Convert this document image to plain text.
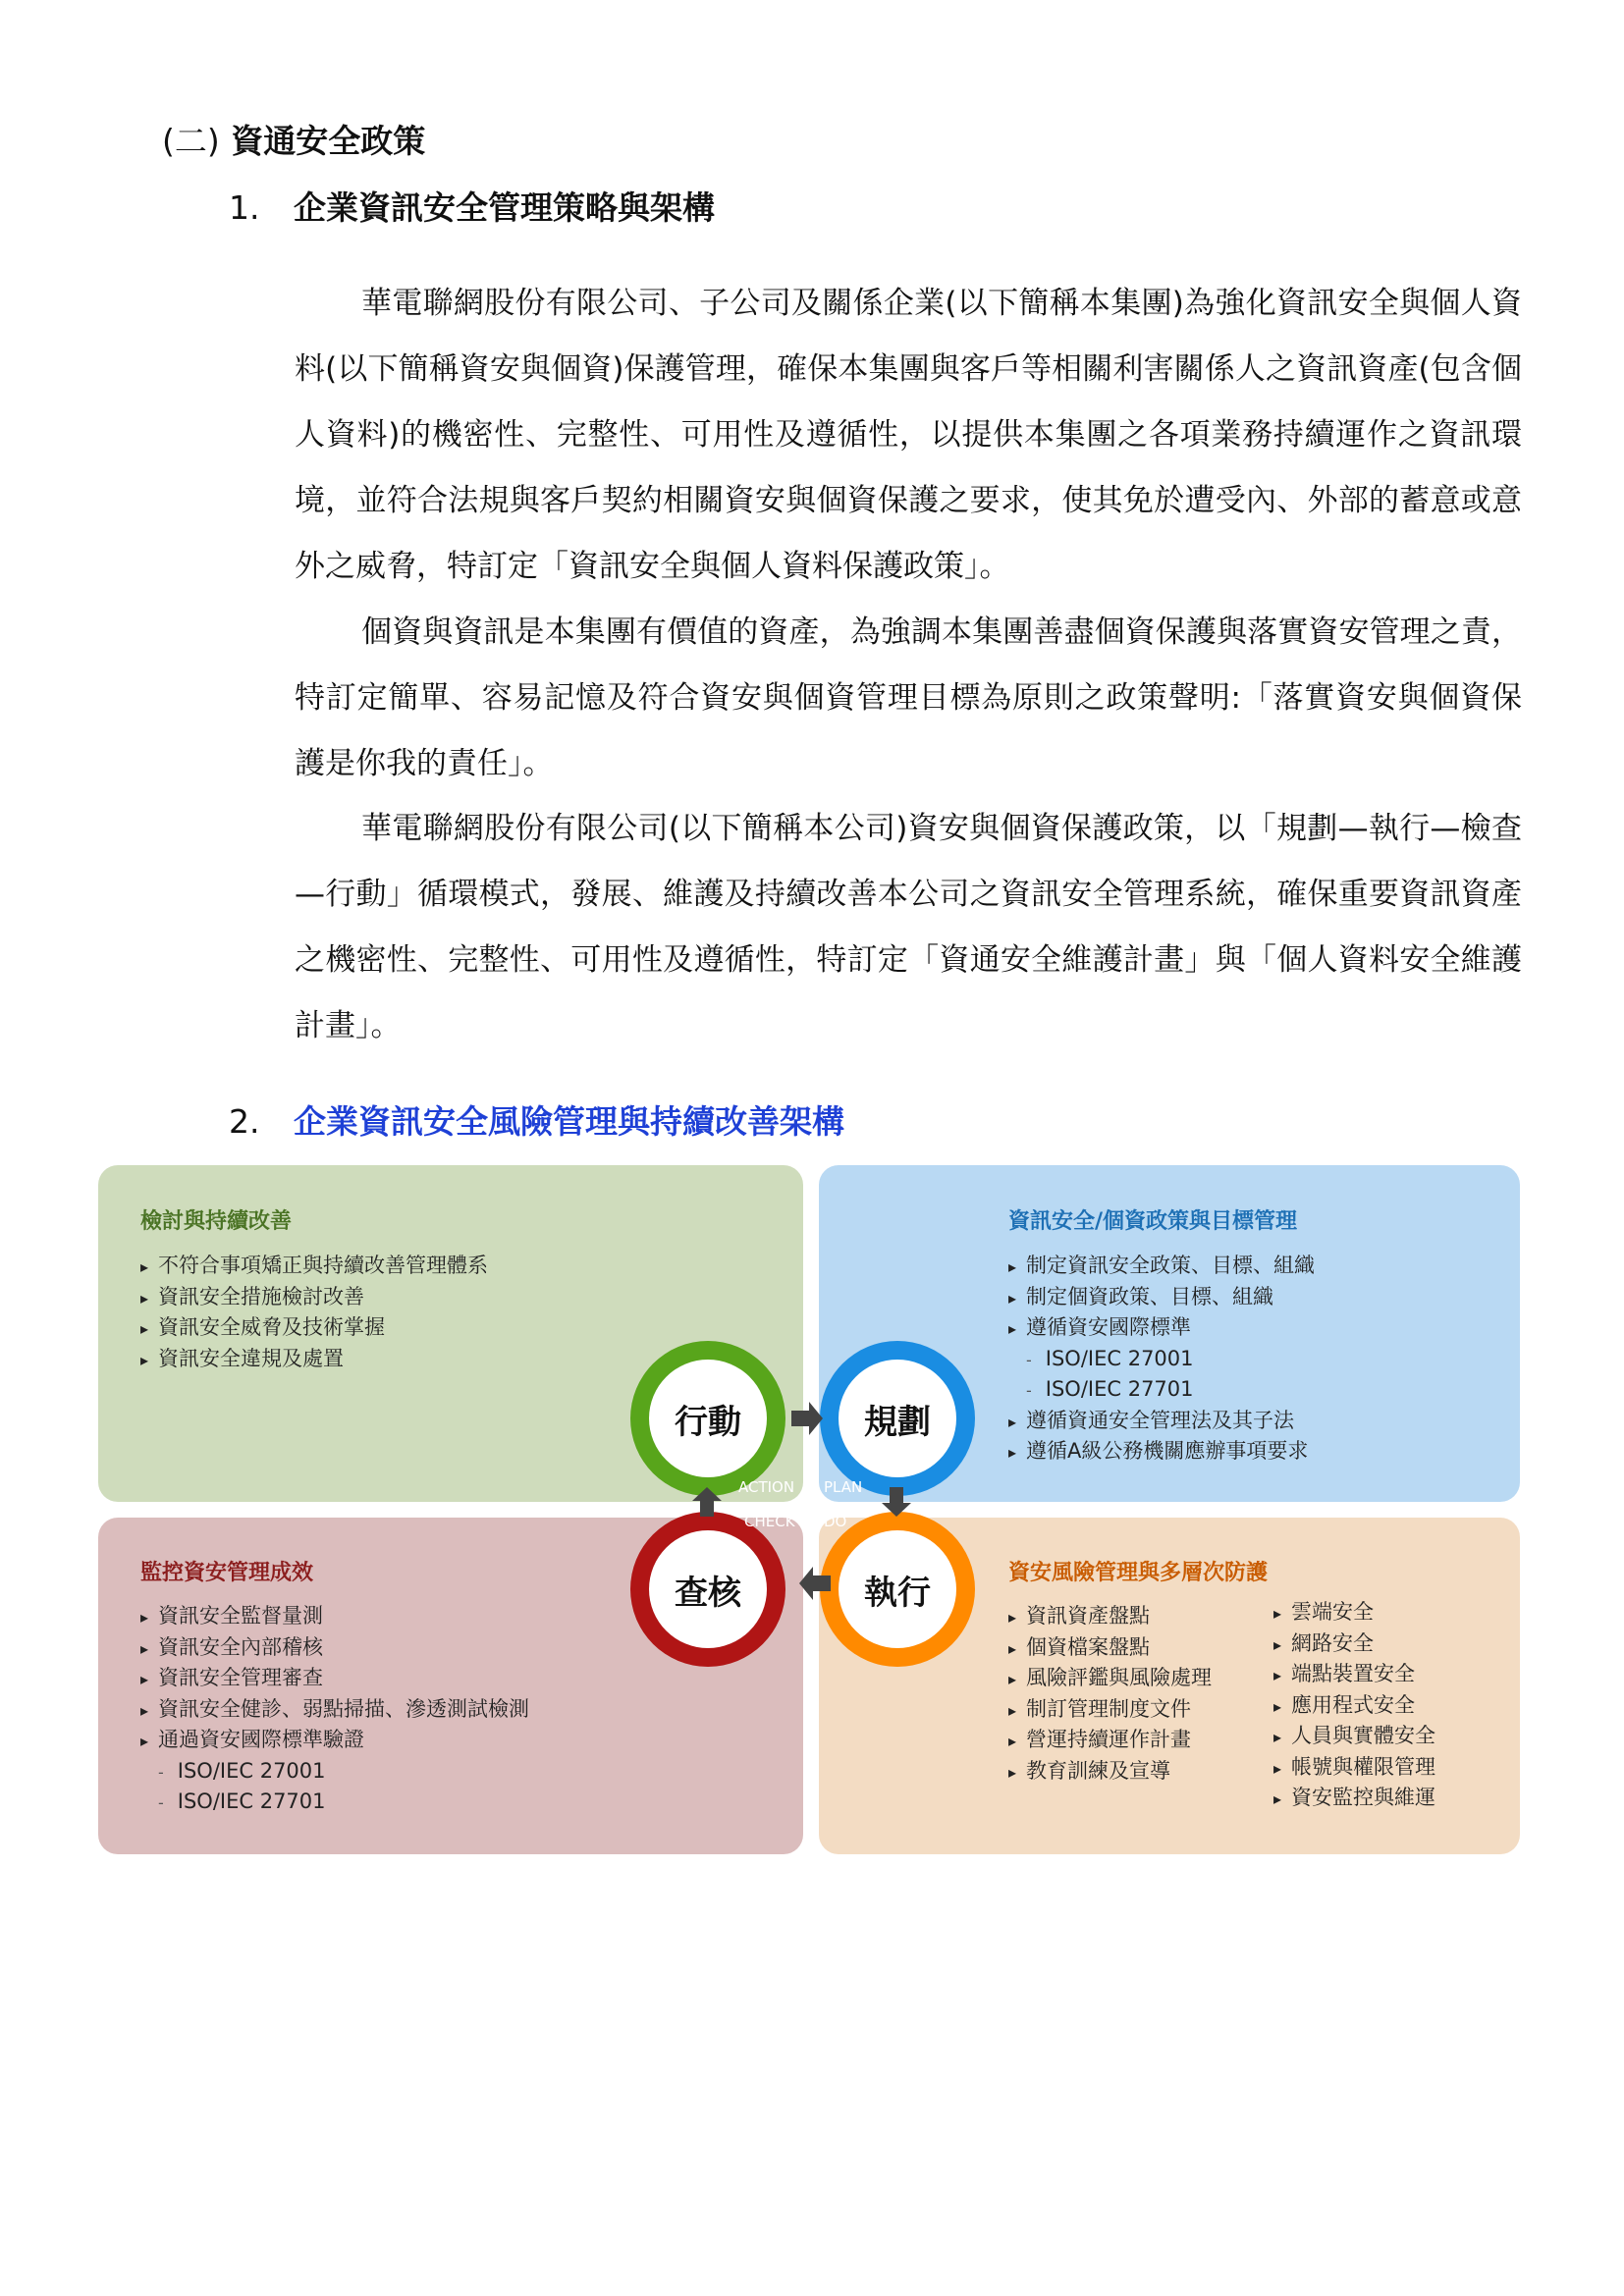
(二) 資通安全政策
1. 企業資訊安全管理策略與架構

華電聯網股份有限公司、子公司及關係企業(以下簡稱本集團)為強化資訊安全與個人資料(以下簡稱資安與個資)保護管理，確保本集團與客戶等相關利害關係人之資訊資產(包含個人資料)的機密性、完整性、可用性及遵循性，以提供本集團之各項業務持續運作之資訊環境，並符合法規與客戶契約相關資安與個資保護之要求，使其免於遭受內、外部的蓄意或意外之威脅，特訂定「資訊安全與個人資料保護政策」。

個資與資訊是本集團有價值的資產，為強調本集團善盡個資保護與落實資安管理之責，特訂定簡單、容易記憶及符合資安與個資管理目標為原則之政策聲明:「落實資安與個資保護是你我的責任」。

華電聯網股份有限公司(以下簡稱本公司)資安與個資保護政策，以「規劃—執行—檢查—行動」循環模式，發展、維護及持續改善本公司之資訊安全管理系統，確保重要資訊資產之機密性、完整性、可用性及遵循性，特訂定「資通安全維護計畫」與「個人資料安全維護計畫」。

2. 企業資訊安全風險管理與持續改善架構
檢討與持續改善
▸ 不符合事項矯正與持續改善管理體系
▸ 資訊安全措施檢討改善
▸ 資訊安全威脅及技術掌握
▸ 資訊安全違規及處置
資訊安全/個資政策與目標管理
▸ 制定資訊安全政策、目標、組織
▸ 制定個資政策、目標、組織
▸ 遵循資安國際標準
- ISO/IEC 27001
- ISO/IEC 27701
▸ 遵循資通安全管理法及其子法
▸ 遵循A級公務機關應辦事項要求
監控資安管理成效
▸ 資訊安全監督量測
▸ 資訊安全內部稽核
▸ 資訊安全管理審查
▸ 資訊安全健診、弱點掃描、滲透測試檢測
▸ 通過資安國際標準驗證
- ISO/IEC 27001
- ISO/IEC 27701
資安風險管理與多層次防護
▸ 資訊資產盤點
▸ 個資檔案盤點
▸ 風險評鑑與風險處理
▸ 制訂管理制度文件
▸ 營運持續運作計畫
▸ 教育訓練及宣導
▸ 雲端安全
▸ 網路安全
▸ 端點裝置安全
▸ 應用程式安全
▸ 人員與實體安全
▸ 帳號與權限管理
▸ 資安監控與維運
行動	規劃
查核	執行
ACTION PLAN
CHECK DO
